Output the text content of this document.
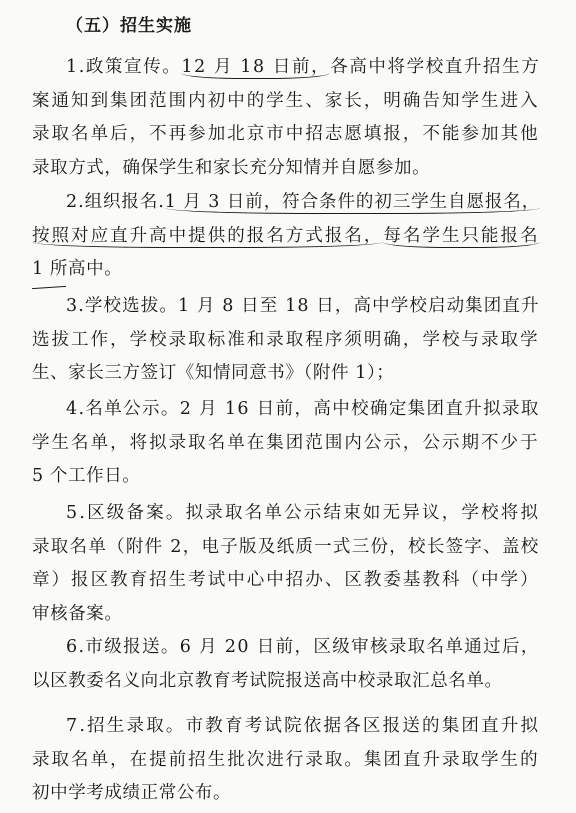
（五）招生实施
1.政策宣传。12 月 18 日前，各高中将学校直升招生方
案通知到集团范围内初中的学生、家长，明确告知学生进入
录取名单后，不再参加北京市中招志愿填报，不能参加其他
录取方式，确保学生和家长充分知情并自愿参加。
2.组织报名.1 月 3 日前，符合条件的初三学生自愿报名，
按照对应直升高中提供的报名方式报名，每名学生只能报名
1 所高中。
3.学校选拔。1 月 8 日至 18 日，高中学校启动集团直升
选拔工作，学校录取标准和录取程序须明确，学校与录取学
生、家长三方签订《知情同意书》（附件 1）；
4.名单公示。2 月 16 日前，高中校确定集团直升拟录取
学生名单，将拟录取名单在集团范围内公示，公示期不少于
5 个工作日。
5.区级备案。拟录取名单公示结束如无异议，学校将拟
录取名单（附件 2，电子版及纸质一式三份，校长签字、盖校
章）报区教育招生考试中心中招办、区教委基教科（中学）
审核备案。
6.市级报送。6 月 20 日前，区级审核录取名单通过后，
以区教委名义向北京教育考试院报送高中校录取汇总名单。
7.招生录取。市教育考试院依据各区报送的集团直升拟
录取名单，在提前招生批次进行录取。集团直升录取学生的
初中学考成绩正常公布。
